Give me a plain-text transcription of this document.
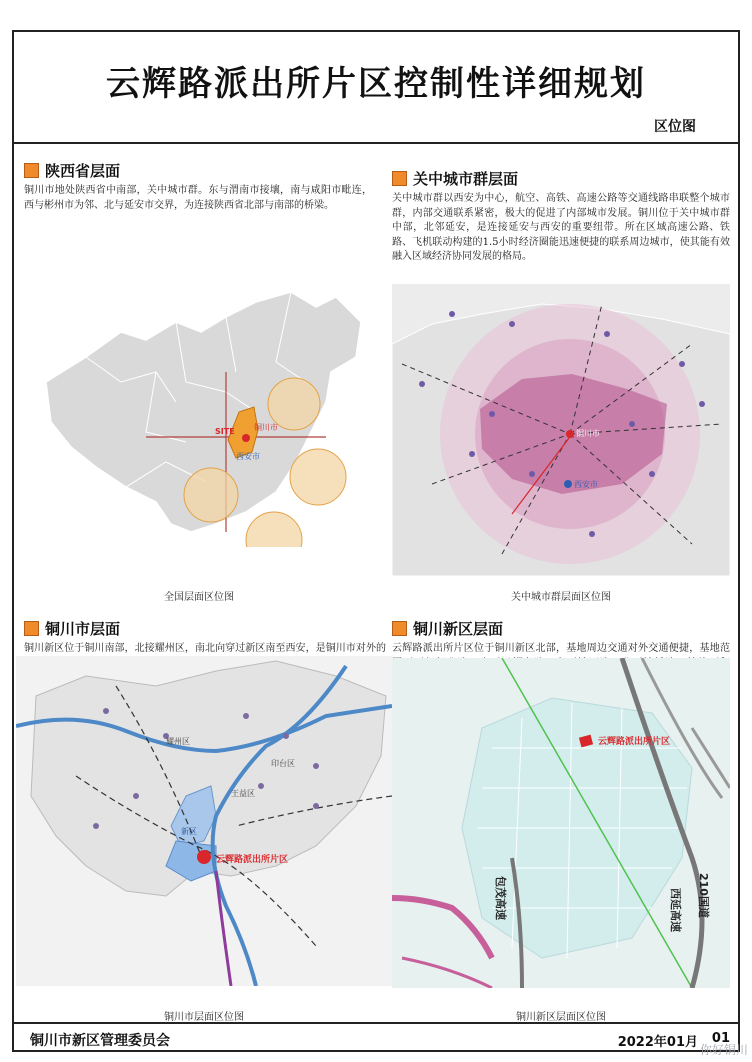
云辉路派出所片区控制性详细规划
区位图
陕西省层面
铜川市地处陕西省中南部，关中城市群。东与渭南市接壤，南与咸阳市毗连，西与彬州市为邻、北与延安市交界，为连接陕西省北部与南部的桥梁。
SITE 铜川市
西安市
全国层面区位图
关中城市群层面
关中城市群以西安为中心，航空、高铁、高速公路等交通线路串联整个城市群，内部交通联系紧密，极大的促进了内部城市发展。铜川位于关中城市群中部，北邻延安，是连接延安与西安的重要纽带。所在区域高速公路、铁路、飞机联动构建的1.5小时经济圈能迅速便捷的联系周边城市，使其能有效融入区域经济协同发展的格局。
铜川市
西安市
关中城市群层面区位图
铜川市层面
铜川新区位于铜川南部，北接耀州区，南北向穿过新区南至西安，是铜川市对外的
云辉路派出所片区
耀州区
王益区
印台区
新区
铜川市层面区位图
铜川新区层面
云辉路派出所片区位于铜川新区北部，基地周边交通对外交通便捷，基地范
云辉路派出所片区
包茂高速	西延高速 210国道
铜川新区层面区位图
铜川市新区管理委员会	2022年01月 01
你好铜川
